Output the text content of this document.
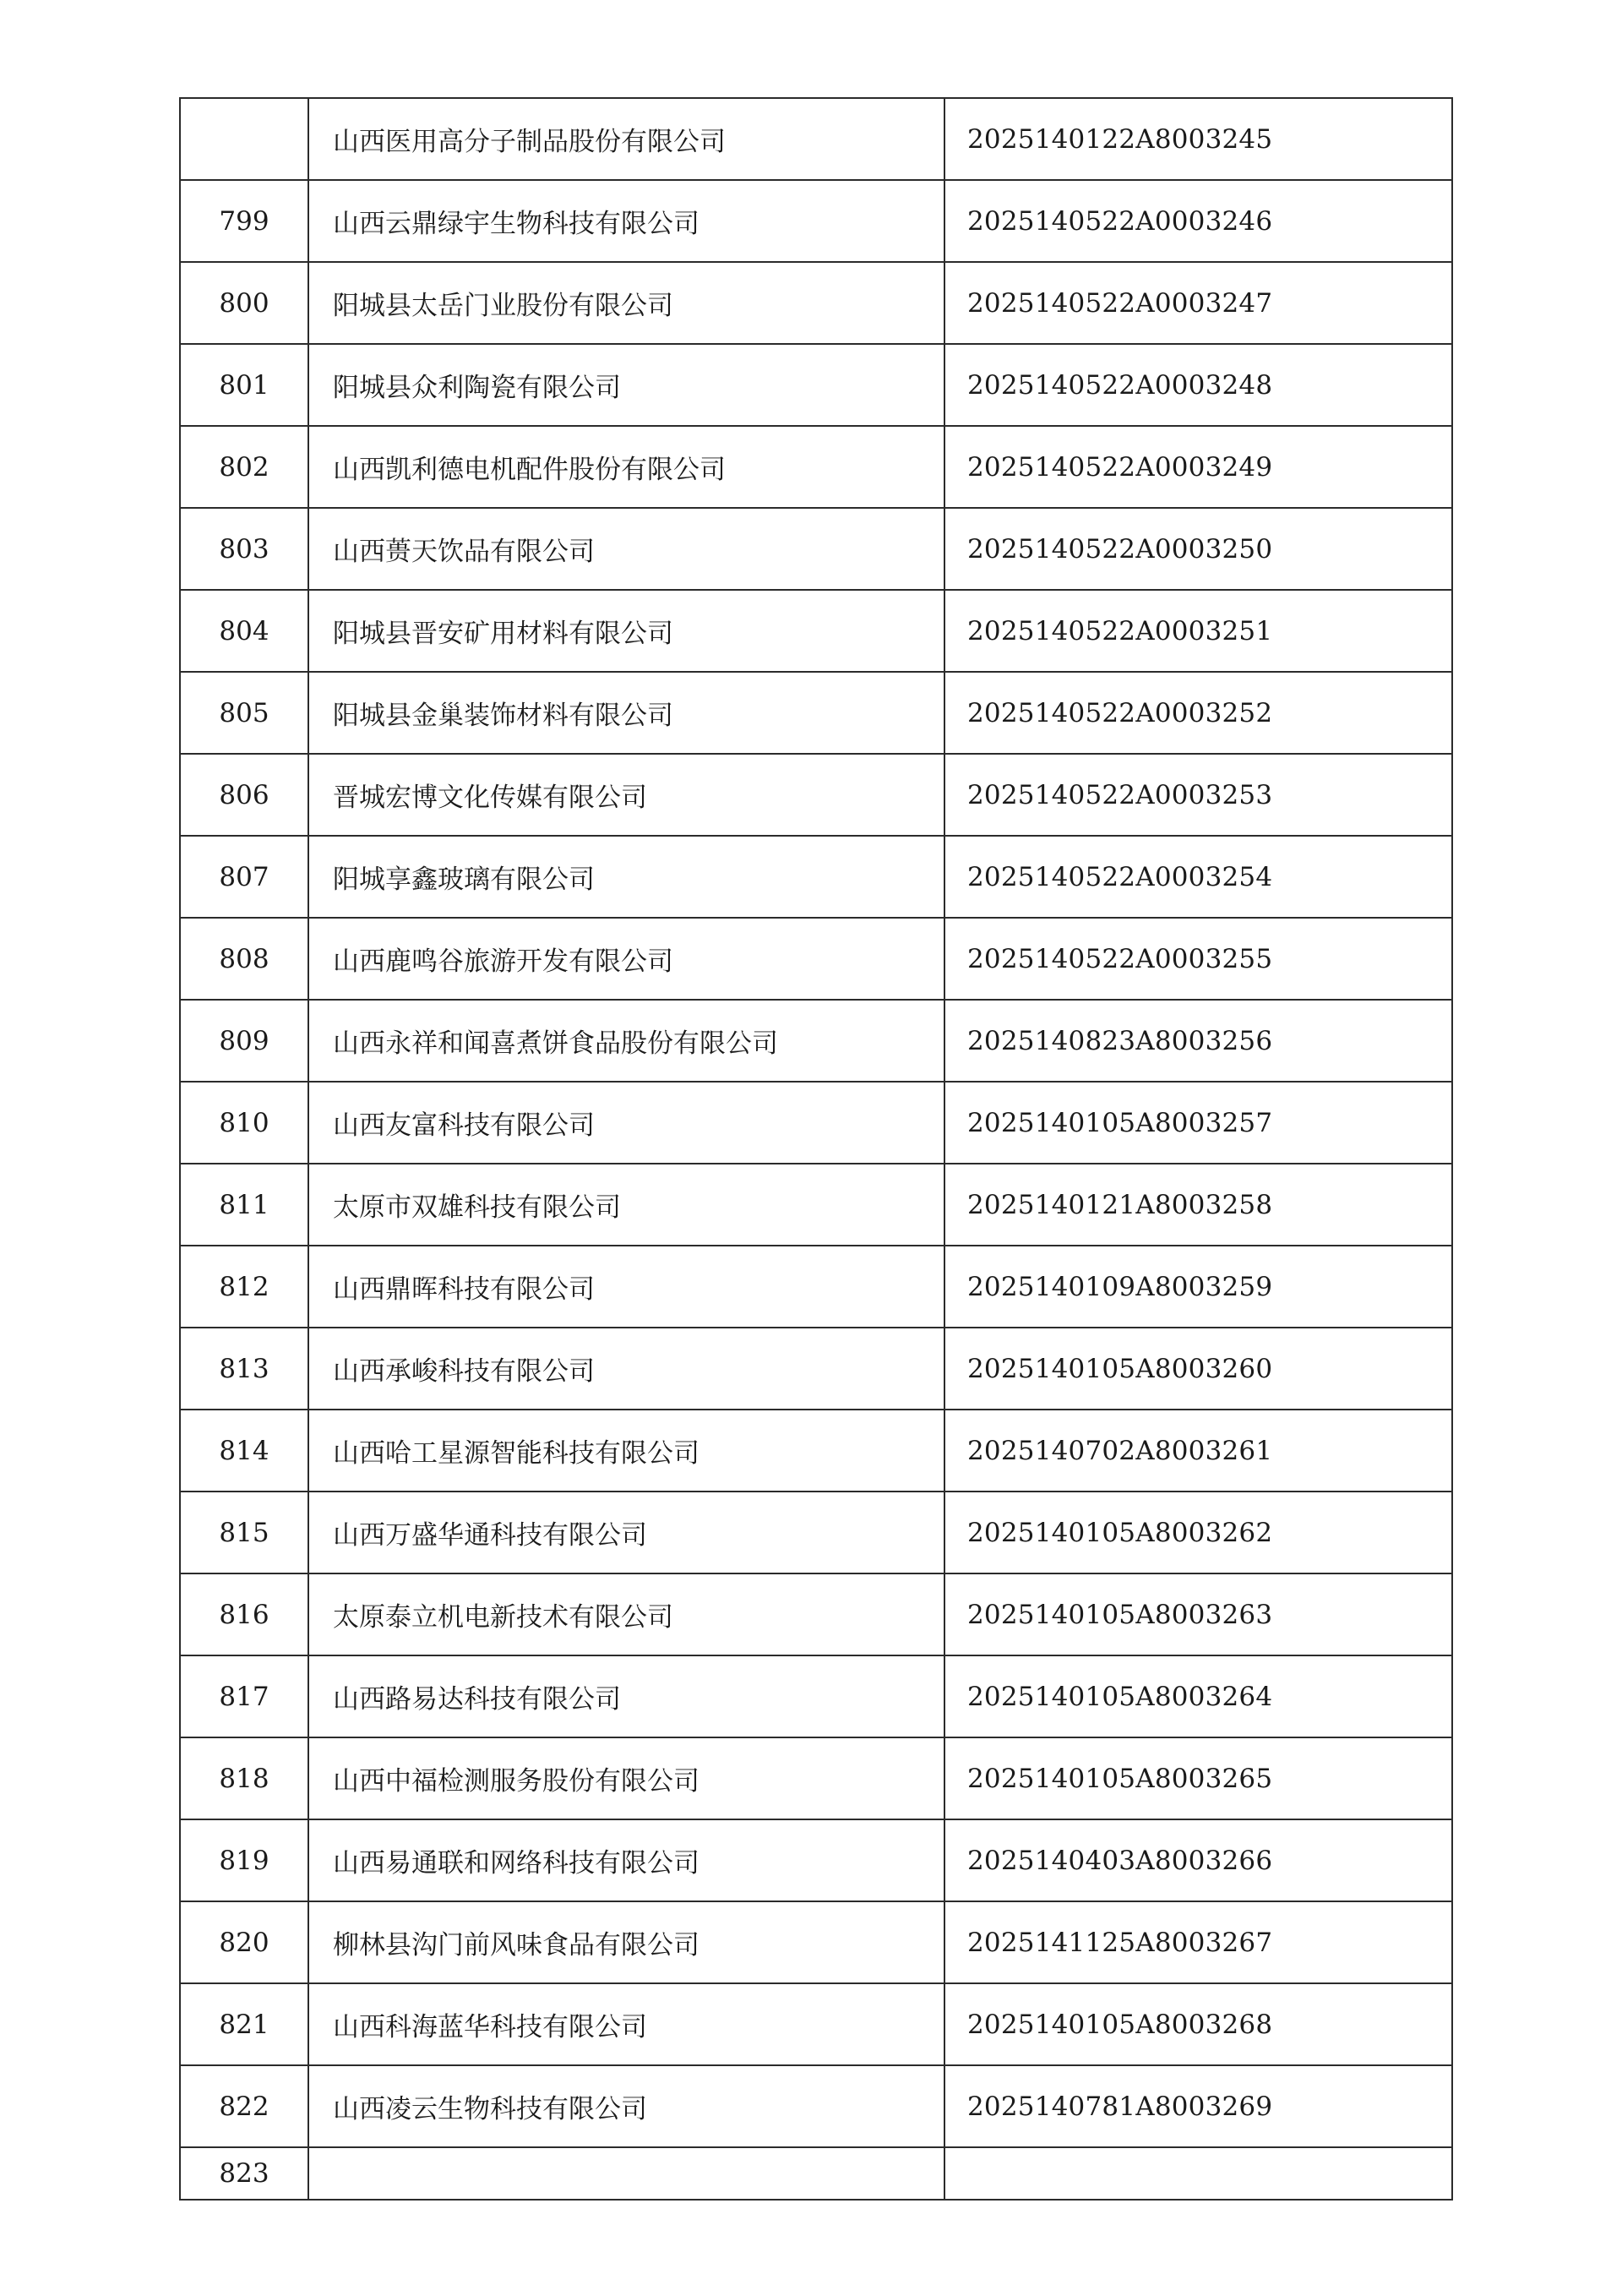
	山西医用高分子制品股份有限公司	2025140122A8003245
799	山西云鼎绿宇生物科技有限公司	2025140522A0003246
800	阳城县太岳门业股份有限公司	2025140522A0003247
801	阳城县众利陶瓷有限公司	2025140522A0003248
802	山西凯利德电机配件股份有限公司	2025140522A0003249
803	山西蒉天饮品有限公司	2025140522A0003250
804	阳城县晋安矿用材料有限公司	2025140522A0003251
805	阳城县金巢装饰材料有限公司	2025140522A0003252
806	晋城宏博文化传媒有限公司	2025140522A0003253
807	阳城享鑫玻璃有限公司	2025140522A0003254
808	山西鹿鸣谷旅游开发有限公司	2025140522A0003255
809	山西永祥和闻喜煮饼食品股份有限公司	2025140823A8003256
810	山西友富科技有限公司	2025140105A8003257
811	太原市双雄科技有限公司	2025140121A8003258
812	山西鼎晖科技有限公司	2025140109A8003259
813	山西承峻科技有限公司	2025140105A8003260
814	山西哈工星源智能科技有限公司	2025140702A8003261
815	山西万盛华通科技有限公司	2025140105A8003262
816	太原泰立机电新技术有限公司	2025140105A8003263
817	山西路易达科技有限公司	2025140105A8003264
818	山西中福检测服务股份有限公司	2025140105A8003265
819	山西易通联和网络科技有限公司	2025140403A8003266
820	柳林县沟门前风味食品有限公司	2025141125A8003267
821	山西科海蓝华科技有限公司	2025140105A8003268
822	山西凌云生物科技有限公司	2025140781A8003269
823		
